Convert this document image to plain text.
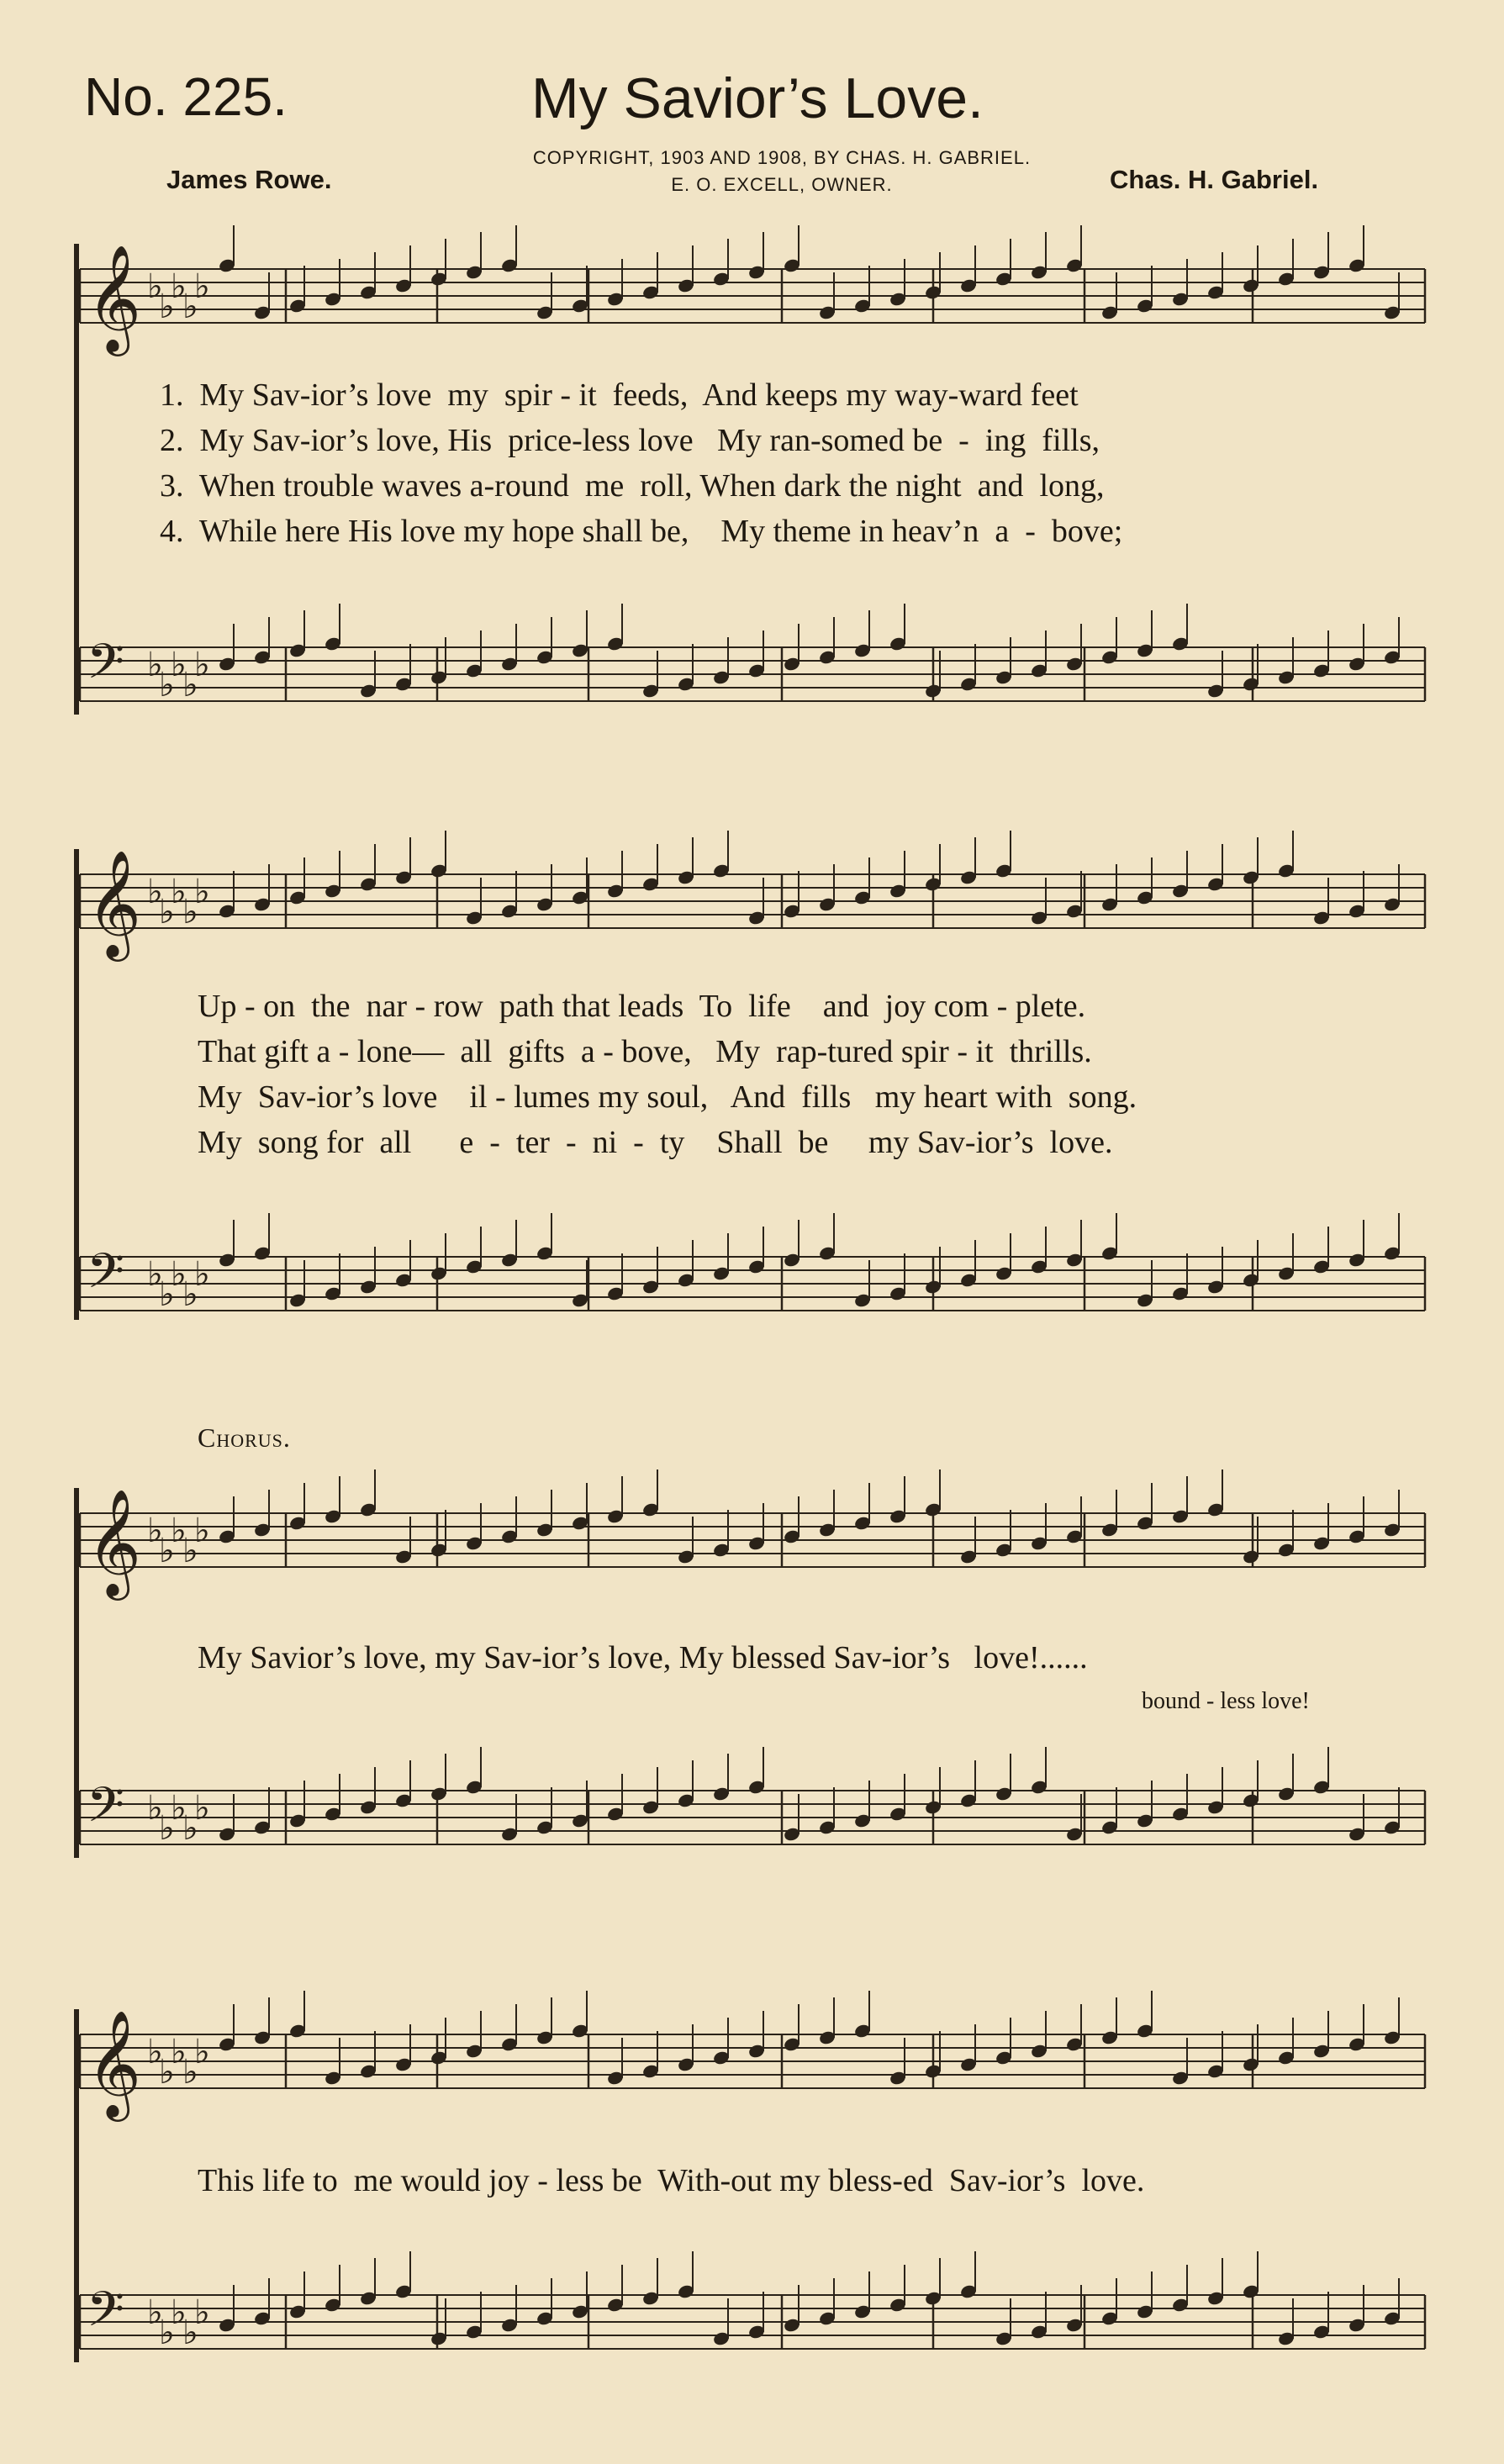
No. 225.	My Savior’s Love.
COPYRIGHT, 1903 AND 1908, BY CHAS. H. GABRIEL.
E. O. EXCELL, OWNER.
James Rowe.	Chas. H. Gabriel.
𝄞 ♭
♭
♭
♭
♭
1.  My Sav-ior’s love  my  spir - it  feeds,  And keeps my way-ward feet
2.  My Sav-ior’s love, His  price-less love   My ran-somed be  -  ing  fills,
3.  When trouble waves a-round  me  roll, When dark the night  and  long,
4.  While here His love my hope shall be,    My theme in heav’n  a  -  bove;
𝄢 ♭
♭
♭
♭
♭
𝄞 ♭
♭
♭
♭
♭
Up - on  the  nar - row  path that leads  To  life    and  joy com - plete.
That gift a - lone—  all  gifts  a - bove,   My  rap-tured spir - it  thrills.
My  Sav-ior’s love    il - lumes my soul,   And  fills   my heart with  song.
My  song for  all      e  -  ter  -  ni  -  ty    Shall  be     my Sav-ior’s  love.
𝄢 ♭
♭
♭
♭
♭
Chorus.
𝄞 ♭
♭
♭
♭
♭
My Savior’s love, my Sav-ior’s love, My blessed Sav-ior’s   love!......
bound - less love!
𝄢 ♭
♭
♭
♭
♭
𝄞 ♭
♭
♭
♭
♭
This life to  me would joy - less be  With-out my bless-ed  Sav-ior’s  love.
𝄢 ♭
♭
♭
♭
♭
